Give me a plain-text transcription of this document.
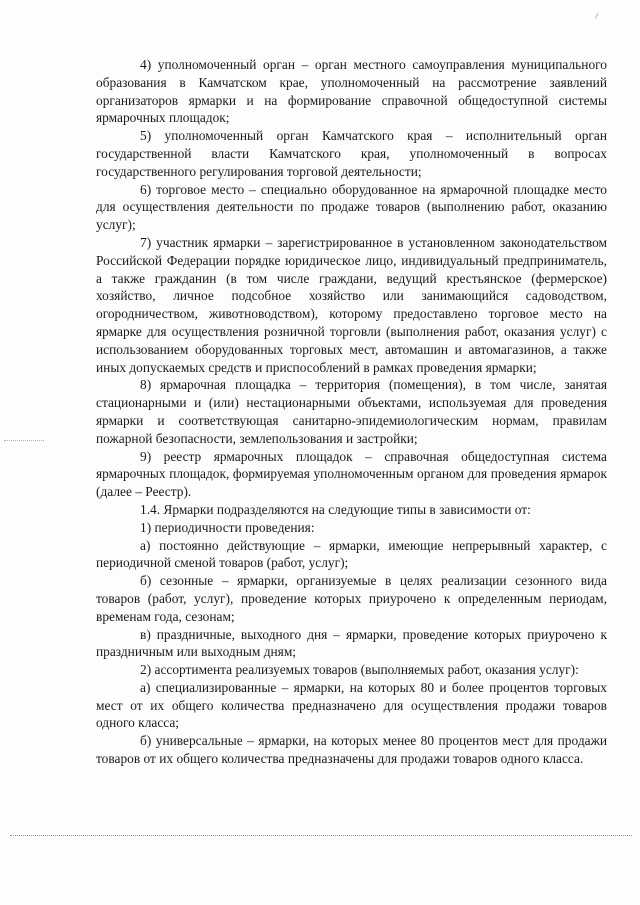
4) уполномоченный орган – орган местного самоуправления муниципального образования в Камчатском крае, уполномоченный на рассмотрение заявлений организаторов ярмарки и на формирование справочной общедоступной системы ярмарочных площадок;

5) уполномоченный орган Камчатского края – исполнительный орган государственной власти Камчатского края, уполномоченный в вопросах государственного регулирования торговой деятельности;

6) торговое место – специально оборудованное на ярмарочной площадке место для осуществления деятельности по продаже товаров (выполнению работ, оказанию услуг);

7) участник ярмарки – зарегистрированное в установленном законодательством Российской Федерации порядке юридическое лицо, индивидуальный предприниматель, а также гражданин (в том числе граждани, ведущий крестьянское (фермерское) хозяйство, личное подсобное хозяйство или занимающийся садоводством, огородничеством, животноводством), которому предоставлено торговое место на ярмарке для осуществления розничной торговли (выполнения работ, оказания услуг) с использованием оборудованных торговых мест, автомашин и автомагазинов, а также иных допускаемых средств и приспособлений в рамках проведения ярмарки;

8) ярмарочная площадка – территория (помещения), в том числе, занятая стационарными и (или) нестационарными объектами, используемая для проведения ярмарки и соответствующая санитарно-эпидемиологическим нормам, правилам пожарной безопасности, землепользования и застройки;

9) реестр ярмарочных площадок – справочная общедоступная система ярмарочных площадок, формируемая уполномоченным органом для проведения ярмарок (далее – Реестр).

1.4. Ярмарки подразделяются на следующие типы в зависимости от:

1) периодичности проведения:

а) постоянно действующие – ярмарки, имеющие непрерывный характер, с периодичной сменой товаров (работ, услуг);

б) сезонные – ярмарки, организуемые в целях реализации сезонного вида товаров (работ, услуг), проведение которых приурочено к определенным периодам, временам года, сезонам;

в) праздничные, выходного дня – ярмарки, проведение которых приурочено к праздничным или выходным дням;

2) ассортимента реализуемых товаров (выполняемых работ, оказания услуг):

а) специализированные – ярмарки, на которых 80 и более процентов торговых мест от их общего количества предназначено для осуществления продажи товаров одного класса;

б) универсальные – ярмарки, на которых менее 80 процентов мест для продажи товаров от их общего количества предназначены для продажи товаров одного класса.
